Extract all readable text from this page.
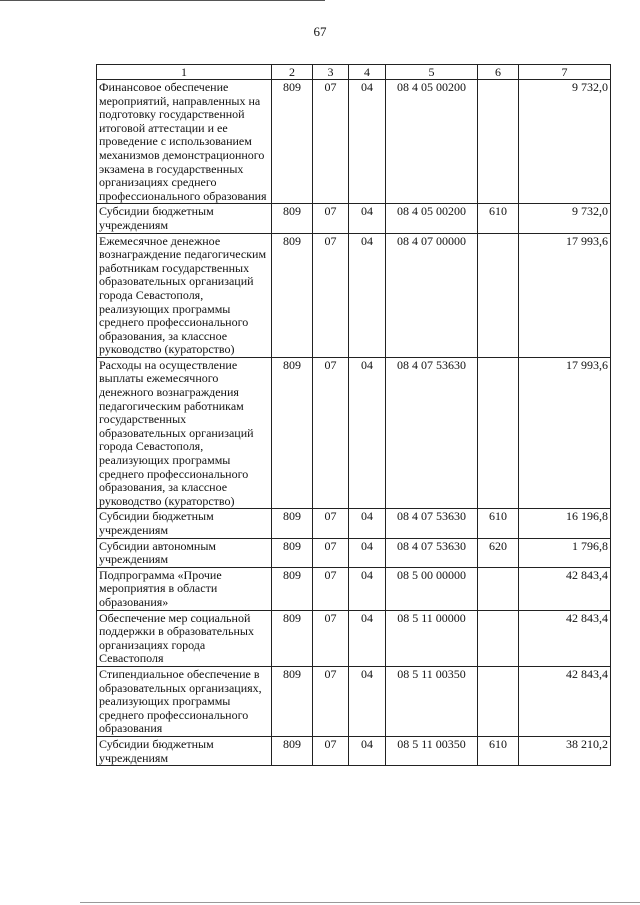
67
1	2	3	4	5	6	7
Финансовое обеспечение мероприятий, направленных на подготовку государственной итоговой аттестации и ее проведение с использованием механизмов демонстрационного экзамена в государственных организациях среднего профессионального образования	809	07	04	08 4 05 00200		9 732,0
Субсидии бюджетным учреждениям	809	07	04	08 4 05 00200	610	9 732,0
Ежемесячное денежное вознаграждение педагогическим работникам государственных образовательных организаций города Севастополя, реализующих программы среднего профессионального образования, за классное руководство (кураторство)	809	07	04	08 4 07 00000		17 993,6
Расходы на осуществление выплаты ежемесячного денежного вознаграждения педагогическим работникам государственных образовательных организаций города Севастополя, реализующих программы среднего профессионального образования, за классное руководство (кураторство)	809	07	04	08 4 07 53630		17 993,6
Субсидии бюджетным учреждениям	809	07	04	08 4 07 53630	610	16 196,8
Субсидии автономным учреждениям	809	07	04	08 4 07 53630	620	1 796,8
Подпрограмма «Прочие мероприятия в области образования»	809	07	04	08 5 00 00000		42 843,4
Обеспечение мер социальной поддержки в образовательных организациях города Севастополя	809	07	04	08 5 11 00000		42 843,4
Стипендиальное обеспечение в образовательных организациях, реализующих программы среднего профессионального образования	809	07	04	08 5 11 00350		42 843,4
Субсидии бюджетным учреждениям	809	07	04	08 5 11 00350	610	38 210,2
